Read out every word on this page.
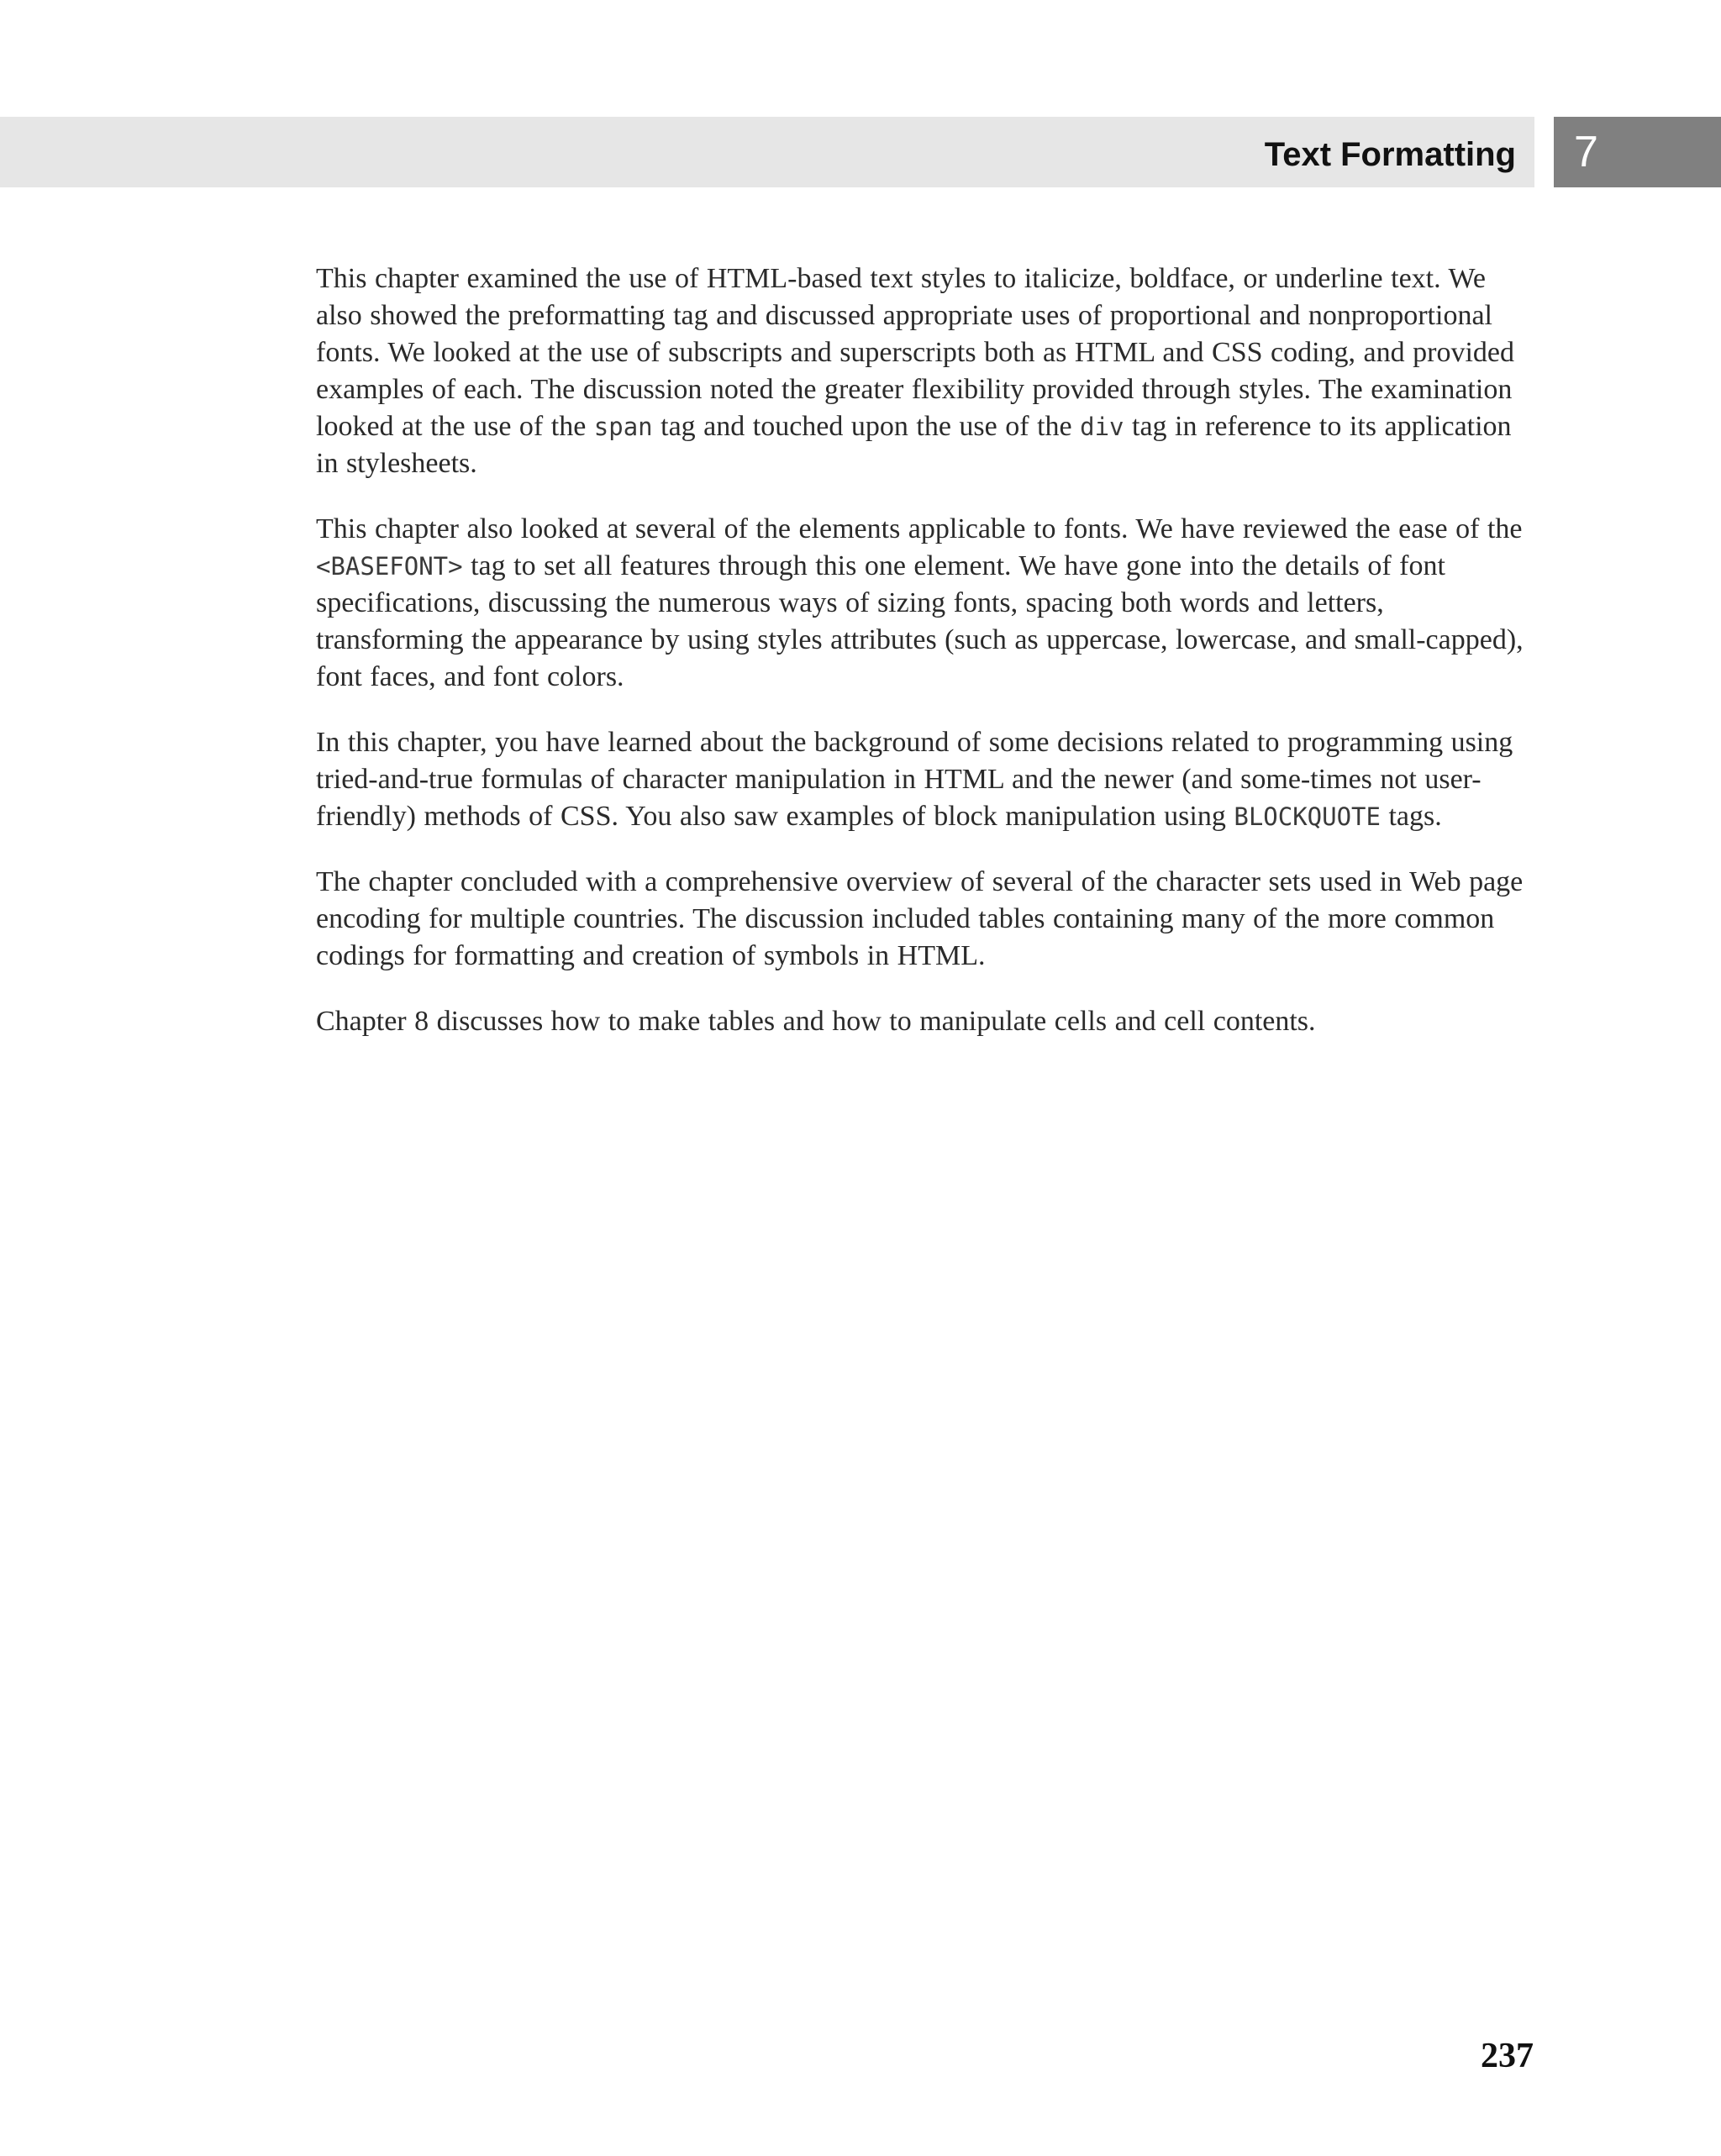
Text Formatting 7

This chapter examined the use of HTML-based text styles to italicize, boldface, or underline text. We also showed the preformatting tag and discussed appropriate uses of proportional and nonproportional fonts. We looked at the use of subscripts and superscripts both as HTML and CSS coding, and provided examples of each. The discussion noted the greater flexibility provided through styles. The examination looked at the use of the span tag and touched upon the use of the div tag in reference to its application in stylesheets.

This chapter also looked at several of the elements applicable to fonts. We have reviewed the ease of the <BASEFONT> tag to set all features through this one element. We have gone into the details of font specifications, discussing the numerous ways of sizing fonts, spacing both words and letters, transforming the appearance by using styles attributes (such as uppercase, lowercase, and small-capped), font faces, and font colors.

In this chapter, you have learned about the background of some decisions related to programming using tried-and-true formulas of character manipulation in HTML and the newer (and some-times not user-friendly) methods of CSS. You also saw examples of block manipulation using BLOCKQUOTE tags.

The chapter concluded with a comprehensive overview of several of the character sets used in Web page encoding for multiple countries. The discussion included tables containing many of the more common codings for formatting and creation of symbols in HTML.

Chapter 8 discusses how to make tables and how to manipulate cells and cell contents.

237
